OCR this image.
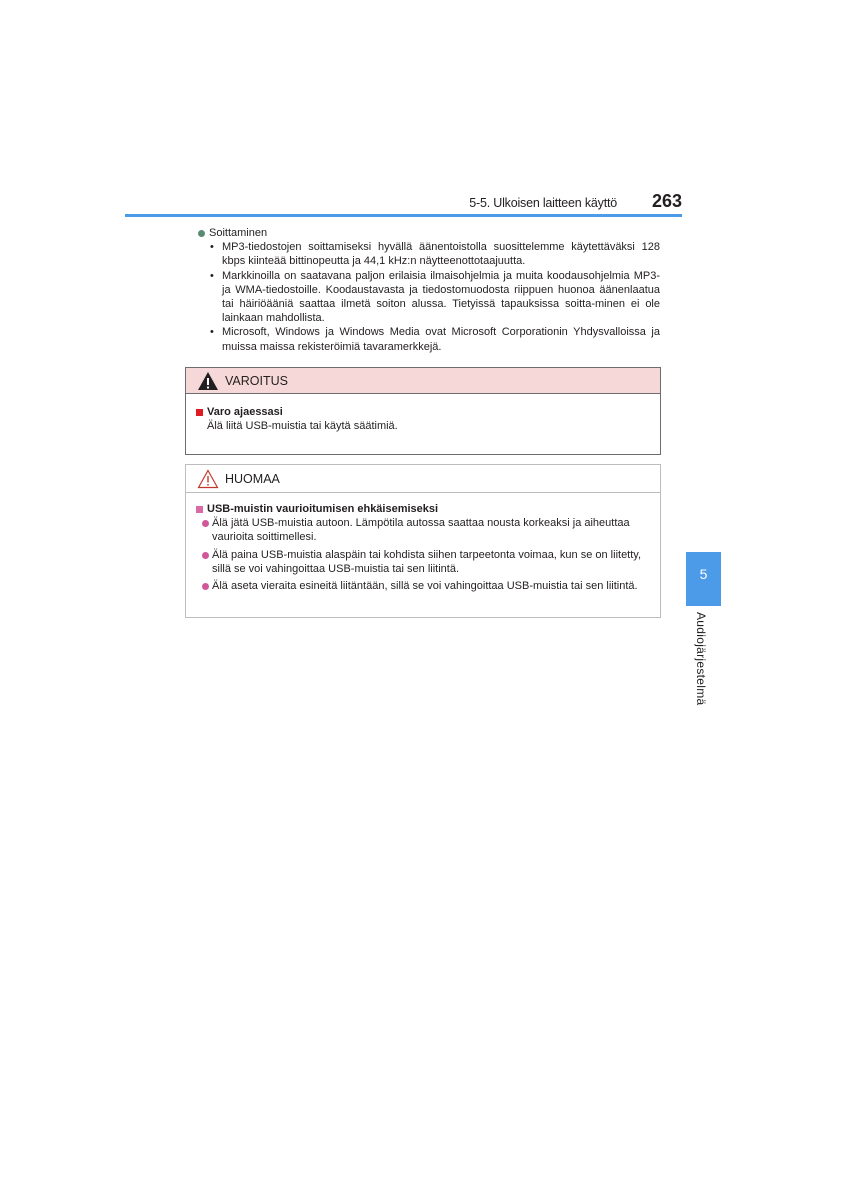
5-5. Ulkoisen laitteen käyttö 263
5
Audiojärjestelmä
Soittaminen
• MP3-tiedostojen soittamiseksi hyvällä äänentoistolla suosittelemme käytettäväksi 128 kbps kiinteää bittinopeutta ja 44,1 kHz:n näytteenottotaajuutta.
• Markkinoilla on saatavana paljon erilaisia ilmaisohjelmia ja muita koodausohjelmia MP3- ja WMA-tiedostoille. Koodaustavasta ja tiedostomuodosta riippuen huonoa äänenlaatua tai häiriöääniä saattaa ilmetä soiton alussa. Tietyissä tapauksissa soitta-minen ei ole lainkaan mahdollista.
• Microsoft, Windows ja Windows Media ovat Microsoft Corporationin Yhdysvalloissa ja muissa maissa rekisteröimiä tavaramerkkejä.
VAROITUS
Varo ajaessasi
Älä liitä USB-muistia tai käytä säätimiä.
HUOMAA
USB-muistin vaurioitumisen ehkäisemiseksi
Älä jätä USB-muistia autoon. Lämpötila autossa saattaa nousta korkeaksi ja aiheuttaa vaurioita soittimellesi.
Älä paina USB-muistia alaspäin tai kohdista siihen tarpeetonta voimaa, kun se on liitetty, sillä se voi vahingoittaa USB-muistia tai sen liitintä.
Älä aseta vieraita esineitä liitäntään, sillä se voi vahingoittaa USB-muistia tai sen liitintä.
